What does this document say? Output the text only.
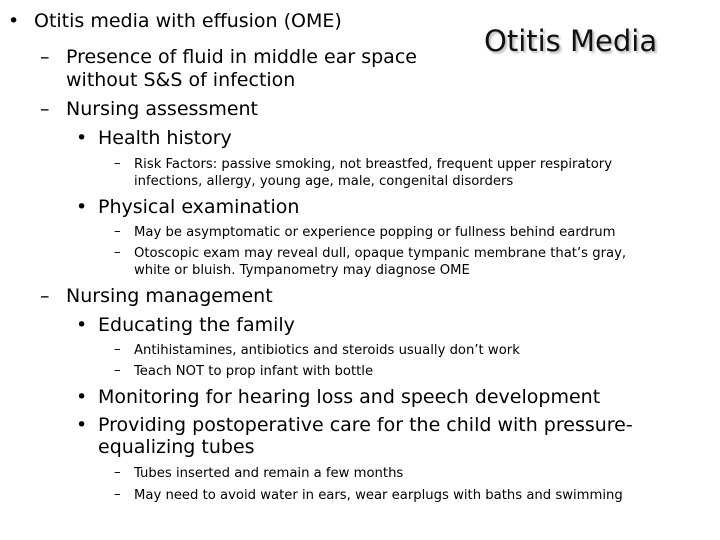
Otitis Media
• Otitis media with effusion (OME)
– Presence of fluid in middle ear space
without S&S of infection
– Nursing assessment
• Health history
– Risk Factors: passive smoking, not breastfed, frequent upper respiratory
infections, allergy, young age, male, congenital disorders
• Physical examination
– May be asymptomatic or experience popping or fullness behind eardrum
– Otoscopic exam may reveal dull, opaque tympanic membrane that’s gray,
white or bluish. Tympanometry may diagnose OME
– Nursing management
• Educating the family
– Antihistamines, antibiotics and steroids usually don’t work
– Teach NOT to prop infant with bottle
• Monitoring for hearing loss and speech development
• Providing postoperative care for the child with pressure-
equalizing tubes
– Tubes inserted and remain a few months
– May need to avoid water in ears, wear earplugs with baths and swimming
